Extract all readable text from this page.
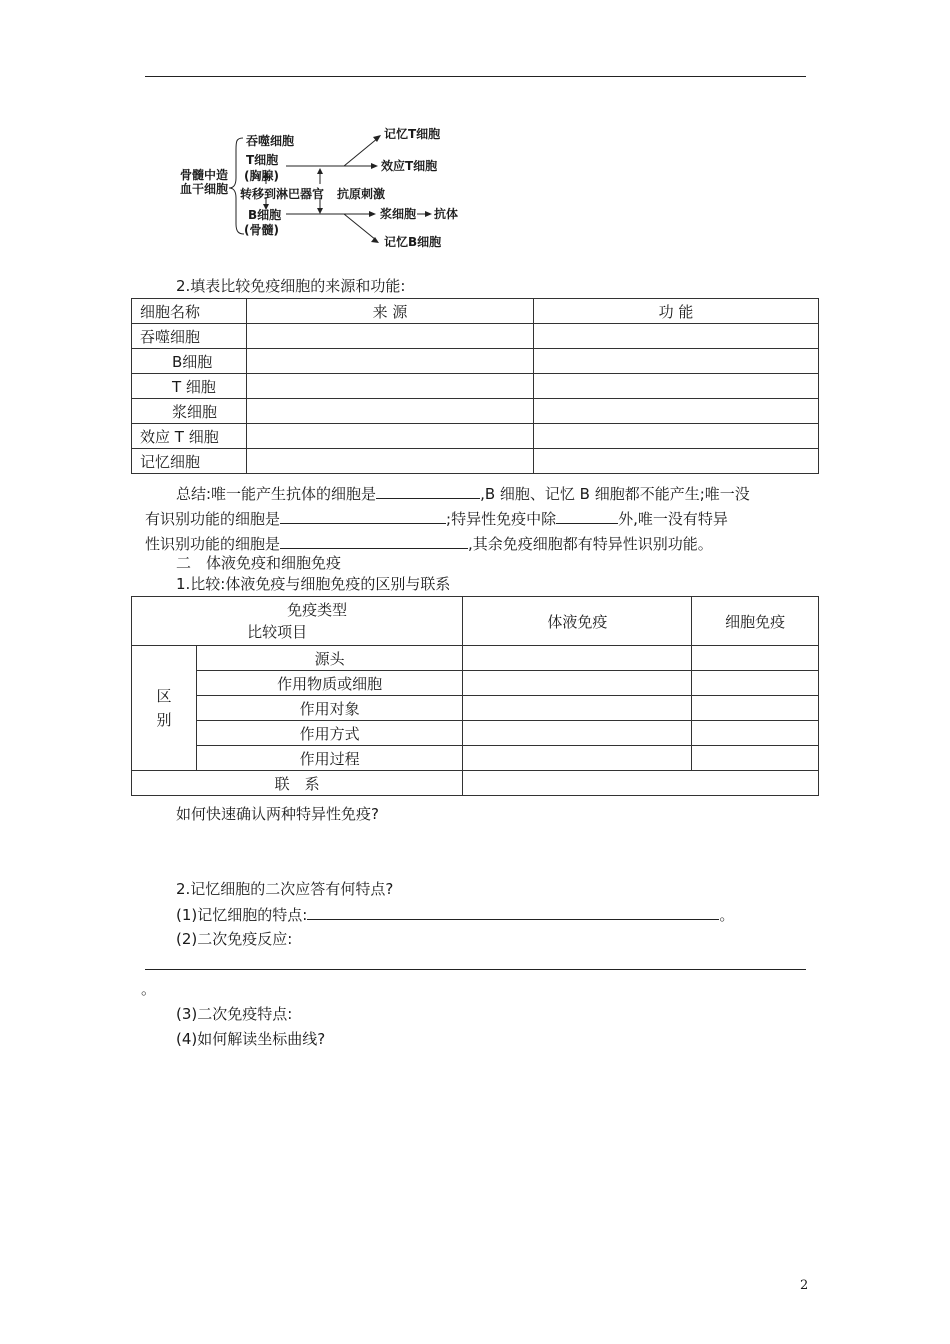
骨髓中造
血干细胞
吞噬细胞
T细胞
(胸腺)
转移到淋巴器官 抗原刺激
B细胞
(骨髓)
记忆T细胞
效应T细胞
浆细胞 抗体
记忆B细胞
2.填表比较免疫细胞的来源和功能:
细胞名称	来 源	功 能
吞噬细胞		
B细胞		
T 细胞		
浆细胞		
效应 T 细胞		
记忆细胞		
总结:唯一能产生抗体的细胞是	,B 细胞、记忆 B 细胞都不能产生;唯一没
有识别功能的细胞是	;特异性免疫中除	外,唯一没有特异
性识别功能的细胞是	,其余免疫细胞都有特异性识别功能。
二　体液免疫和细胞免疫
1.比较:体液免疫与细胞免疫的区别与联系
免疫类型
比较项目		体液免疫	细胞免疫
区
别	源头		
	作用物质或细胞		
	作用对象		
	作用方式		
	作用过程		
联　系			
如何快速确认两种特异性免疫?
2.记忆细胞的二次应答有何特点?
(1)记忆细胞的特点:	。
(2)二次免疫反应:
。
(3)二次免疫特点:
(4)如何解读坐标曲线?
2
